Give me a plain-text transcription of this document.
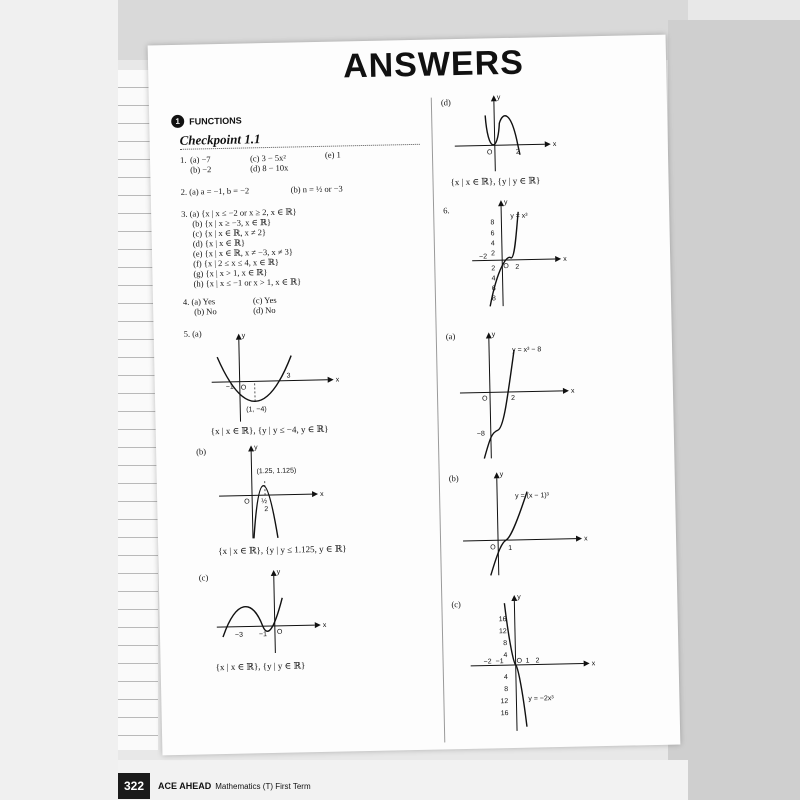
ANSWERS
1	FUNCTIONS
Checkpoint 1.1
1. (a) −7
(b) −2
(c) 3 − 5x²
(d) 8 − 10x
(e) 1
2. (a) a = −1, b = −2	(b) n = ½ or −3
3. (a) {x | x ≤ −2 or x ≥ 2, x ∈ ℝ}
(b) {x | x ≥ −3, x ∈ ℝ}
(c) {x | x ∈ ℝ, x ≠ 2}
(d) {x | x ∈ ℝ}
(e) {x | x ∈ ℝ, x ≠ −3, x ≠ 3}
(f) {x | 2 ≤ x ≤ 4, x ∈ ℝ}
(g) {x | x > 1, x ∈ ℝ}
(h) {x | x ≤ −1 or x > 1, x ∈ ℝ}
4. (a) Yes
(b) No
(c) Yes
(d) No
5. (a)
x
y
O
−1
3
(1, −4)
{x | x ∈ ℝ}, {y | y ≤ −4, y ∈ ℝ}
(b)
x
y
O
(1.25, 1.125)
½
2
{x | x ∈ ℝ}, {y | y ≤ 1.125, y ∈ ℝ}
(c)
x
y
O
−3 −1
{x | x ∈ ℝ}, {y | y ∈ ℝ}
(d)
x
y
O	2
{x | x ∈ ℝ}, {y | y ∈ ℝ}
6.
x
y
y = x³
8
6
4
2
2
4
6
8
−2
2
O
(a)
x
y
y = x³ − 8
O	2
−8
(b)
x
y
y = (x − 1)³
O 1
(c)
x
y
y = −2x³
16
12
8
4
4
8
12
16
−2 −1	1 2
O
322	ACE AHEAD Mathematics (T) First Term
